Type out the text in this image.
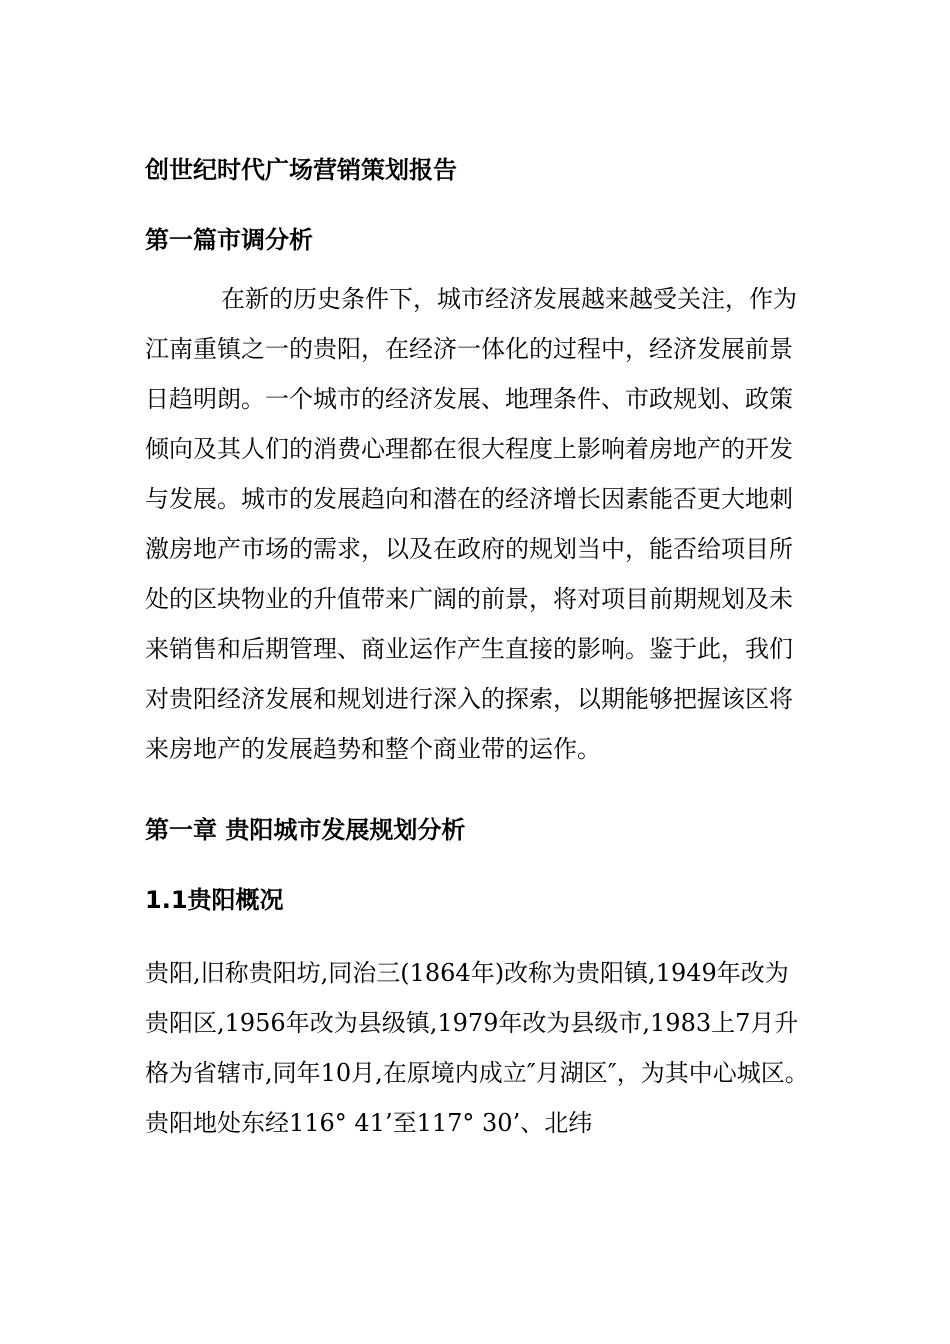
创世纪时代广场营销策划报告
第一篇市调分析

在新的历史条件下，城市经济发展越来越受关注，作为江南重镇之一的贵阳，在经济一体化的过程中，经济发展前景日趋明朗。一个城市的经济发展、地理条件、市政规划、政策倾向及其人们的消费心理都在很大程度上影响着房地产的开发与发展。城市的发展趋向和潜在的经济增长因素能否更大地刺激房地产市场的需求，以及在政府的规划当中，能否给项目所处的区块物业的升值带来广阔的前景，将对项目前期规划及未来销售和后期管理、商业运作产生直接的影响。鉴于此，我们对贵阳经济发展和规划进行深入的探索，以期能够把握该区将来房地产的发展趋势和整个商业带的运作。

第一章 贵阳城市发展规划分析
1.1贵阳概况

贵阳,旧称贵阳坊,同治三(1864年)改称为贵阳镇,1949年改为贵阳区,1956年改为县级镇,1979年改为县级市,1983上7月升格为省辖市,同年10月,在原境内成立″月湖区″，为其中心城区。贵阳地处东经116° 41’至117° 30’、北纬
